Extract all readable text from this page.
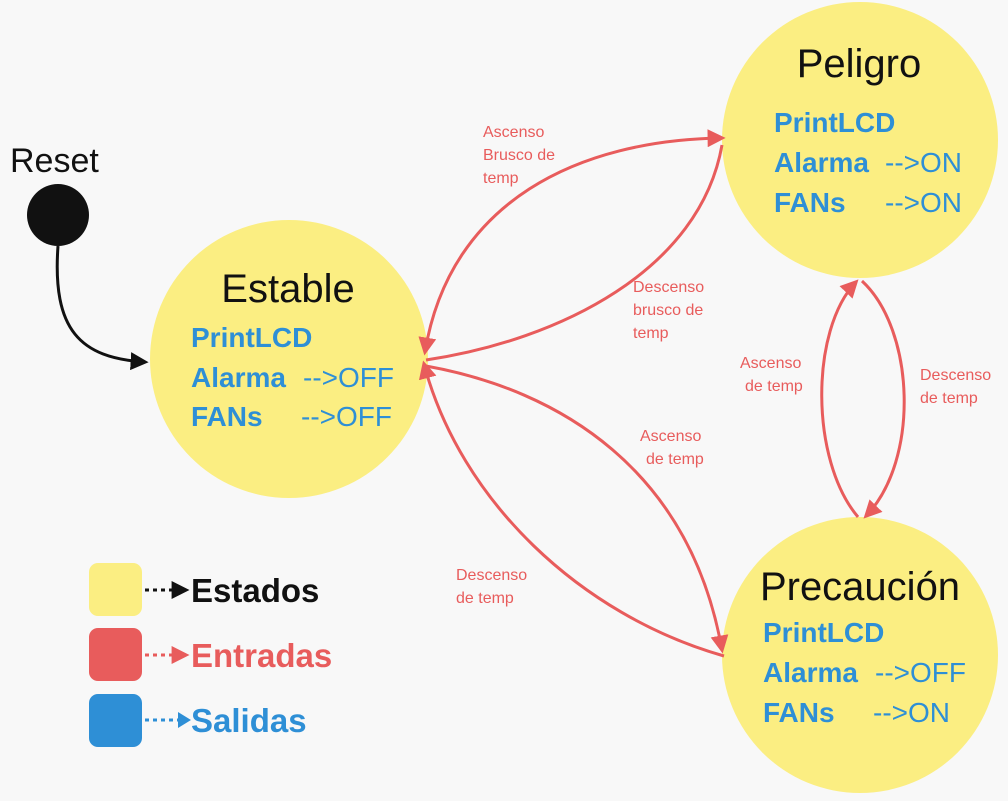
Reset
Estable
PrintLCD
Alarma -->OFF
FANs -->OFF
Peligro
PrintLCD
Alarma -->ON
FANs -->ON
Precaución
PrintLCD
Alarma -->OFF
FANs -->ON
Ascenso
Brusco de
temp
Descenso
brusco de
temp
Ascenso
de temp
Descenso
de temp
Ascenso
de temp
Descenso
de temp
Estados
Entradas
Salidas
